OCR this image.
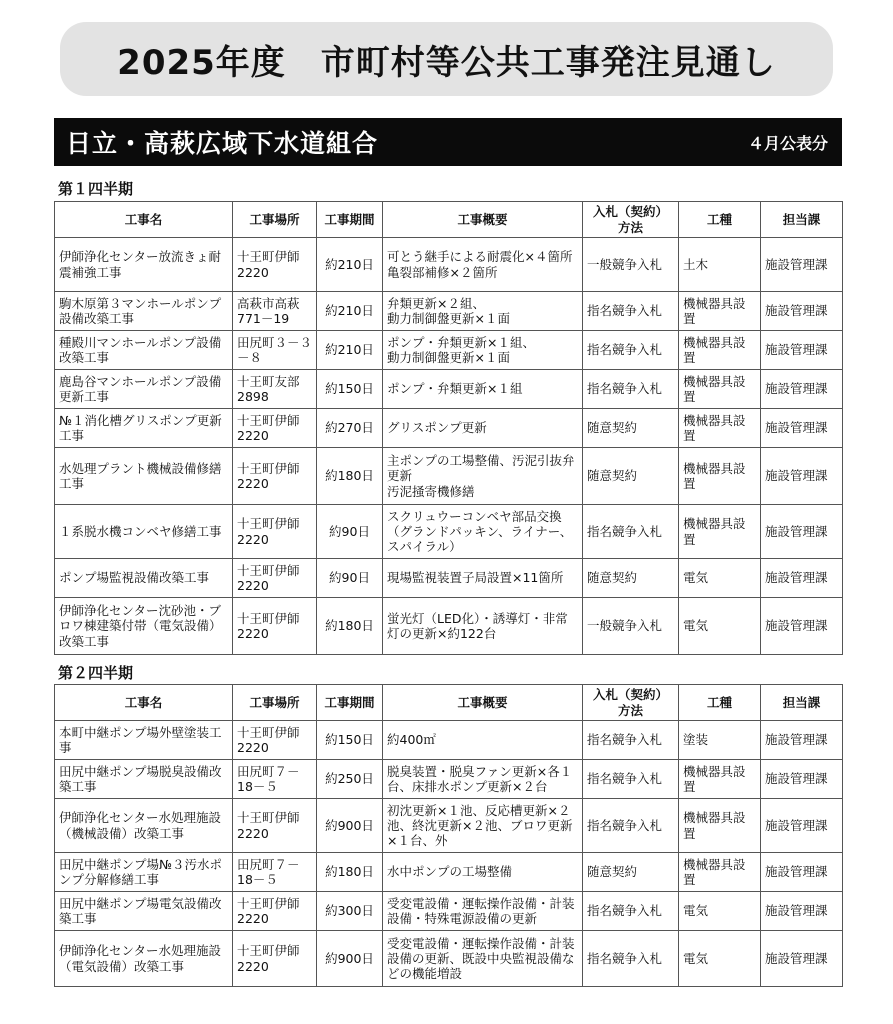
2025年度　市町村等公共工事発注見通し
日立・高萩広域下水道組合	４月公表分
第１四半期
工事名	工事場所	工事期間	工事概要	入札（契約）
方法	工種	担当課
伊師浄化センター放流きょ耐震補強工事	十王町伊師2220	約210日	可とう継手による耐震化×４箇所
亀裂部補修×２箇所	一般競争入札	土木	施設管理課
駒木原第３マンホールポンプ設備改築工事	高萩市高萩771－19	約210日	弁類更新×２組、
動力制御盤更新×１面	指名競争入札	機械器具設置	施設管理課
種殿川マンホールポンプ設備改築工事	田尻町３－３－８	約210日	ポンプ・弁類更新×１組、
動力制御盤更新×１面	指名競争入札	機械器具設置	施設管理課
鹿島谷マンホールポンプ設備更新工事	十王町友部2898	約150日	ポンプ・弁類更新×１組	指名競争入札	機械器具設置	施設管理課
№１消化槽グリスポンプ更新工事	十王町伊師2220	約270日	グリスポンプ更新	随意契約	機械器具設置	施設管理課
水処理プラント機械設備修繕工事	十王町伊師2220	約180日	主ポンプの工場整備、汚泥引抜弁更新
汚泥掻寄機修繕	随意契約	機械器具設置	施設管理課
１系脱水機コンベヤ修繕工事	十王町伊師2220	約90日	スクリュウーコンベヤ部品交換（グランドパッキン、ライナー、スパイラル）	指名競争入札	機械器具設置	施設管理課
ポンプ場監視設備改築工事	十王町伊師2220	約90日	現場監視装置子局設置×11箇所	随意契約	電気	施設管理課
伊師浄化センター沈砂池・ブロワ棟建築付帯（電気設備）改築工事	十王町伊師2220	約180日	蛍光灯（LED化）・誘導灯・非常灯の更新×約122台	一般競争入札	電気	施設管理課
第２四半期
工事名	工事場所	工事期間	工事概要	入札（契約）
方法	工種	担当課
本町中継ポンプ場外壁塗装工事	十王町伊師2220	約150日	約400㎡	指名競争入札	塗装	施設管理課
田尻中継ポンプ場脱臭設備改築工事	田尻町７－18－５	約250日	脱臭装置・脱臭ファン更新×各１台、床排水ポンプ更新×２台	指名競争入札	機械器具設置	施設管理課
伊師浄化センター水処理施設（機械設備）改築工事	十王町伊師2220	約900日	初沈更新×１池、反応槽更新×２池、終沈更新×２池、ブロワ更新×１台、外	指名競争入札	機械器具設置	施設管理課
田尻中継ポンプ場№３汚水ポンプ分解修繕工事	田尻町７－18－５	約180日	水中ポンプの工場整備	随意契約	機械器具設置	施設管理課
田尻中継ポンプ場電気設備改築工事	十王町伊師2220	約300日	受変電設備・運転操作設備・計装設備・特殊電源設備の更新	指名競争入札	電気	施設管理課
伊師浄化センター水処理施設（電気設備）改築工事	十王町伊師2220	約900日	受変電設備・運転操作設備・計装設備の更新、既設中央監視設備などの機能増設	指名競争入札	電気	施設管理課
